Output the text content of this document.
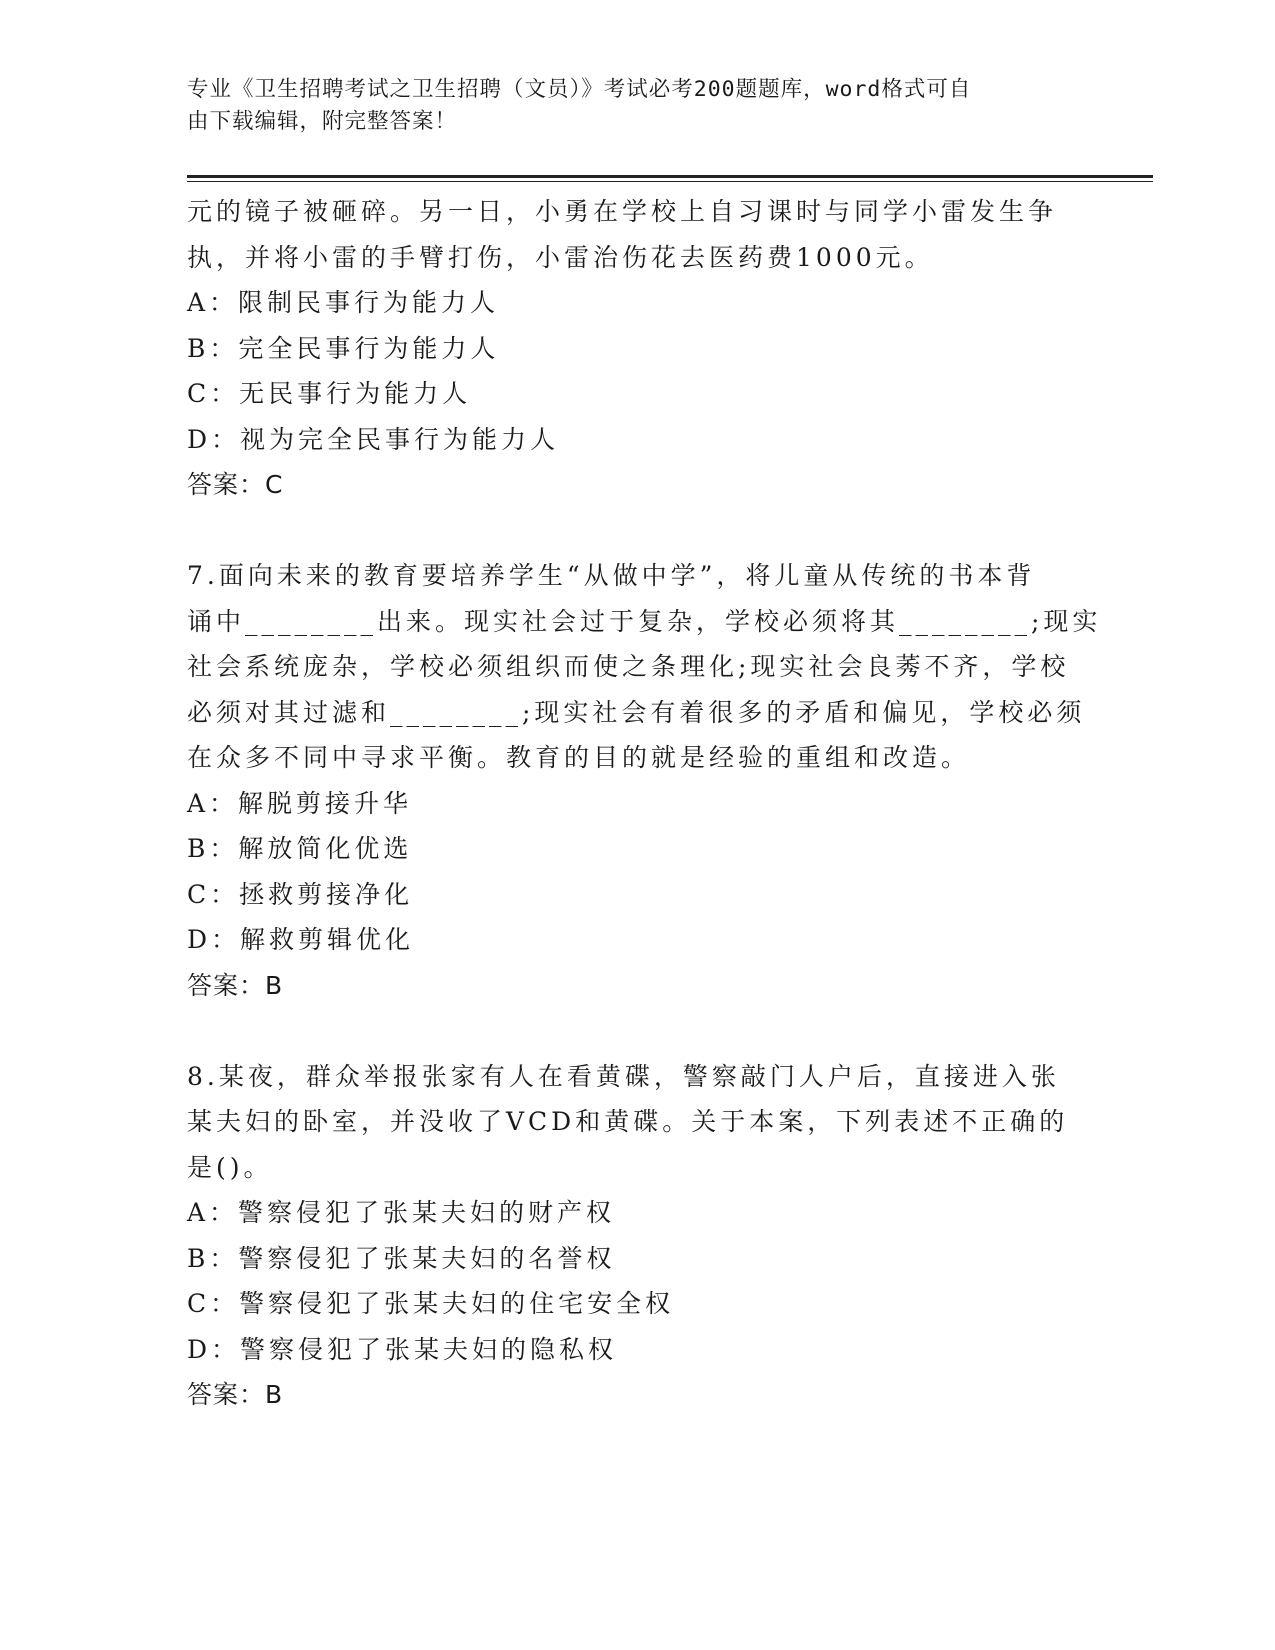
专业《卫生招聘考试之卫生招聘（文员）》考试必考200题题库，word格式可自
由下载编辑，附完整答案！
元的镜子被砸碎。另一日，小勇在学校上自习课时与同学小雷发生争
执，并将小雷的手臂打伤，小雷治伤花去医药费1000元。
A：限制民事行为能力人
B：完全民事行为能力人
C：无民事行为能力人
D：视为完全民事行为能力人
答案：C
7.面向未来的教育要培养学生“从做中学”，将儿童从传统的书本背
诵中________出来。现实社会过于复杂，学校必须将其________;现实
社会系统庞杂，学校必须组织而使之条理化;现实社会良莠不齐，学校
必须对其过滤和________;现实社会有着很多的矛盾和偏见，学校必须
在众多不同中寻求平衡。教育的目的就是经验的重组和改造。
A：解脱剪接升华
B：解放简化优选
C：拯救剪接净化
D：解救剪辑优化
答案：B
8.某夜，群众举报张家有人在看黄碟，警察敲门人户后，直接进入张
某夫妇的卧室，并没收了VCD和黄碟。关于本案，下列表述不正确的
是()。
A：警察侵犯了张某夫妇的财产权
B：警察侵犯了张某夫妇的名誉权
C：警察侵犯了张某夫妇的住宅安全权
D：警察侵犯了张某夫妇的隐私权
答案：B
